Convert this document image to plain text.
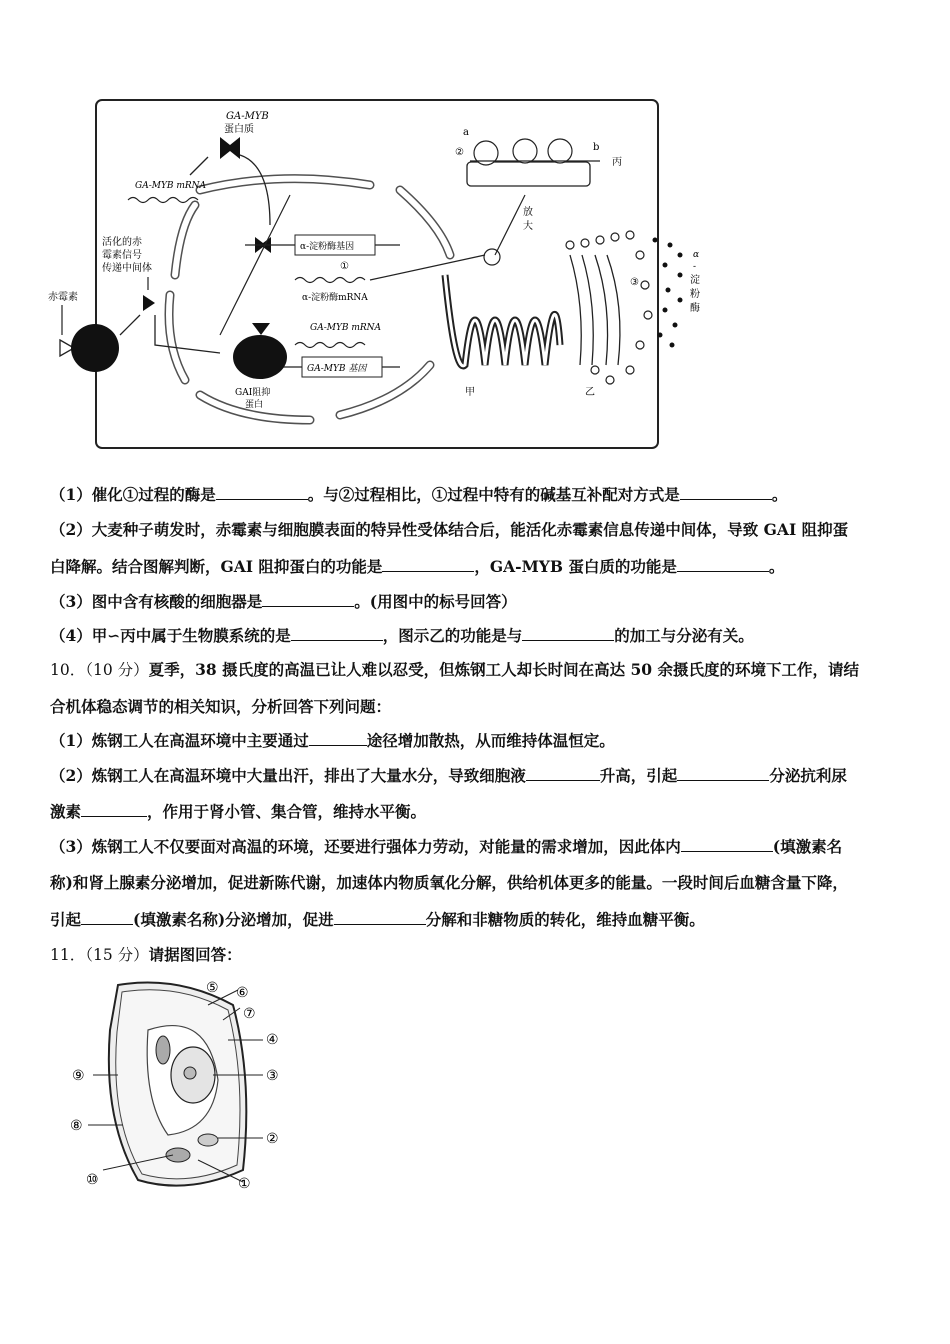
GA-MYB
蛋白质
GA-MYB mRNA
活化的赤
霉素信号
传递中间体
赤霉素
α-淀粉酶基因
①
α-淀粉酶mRNA
GA-MYB mRNA
GA-MYB 基因
GAI阻抑
蛋白
a
②	b
丙
放
大
甲	乙
③
α
-
淀
粉
酶
（1）催化①过程的酶是	。与②过程相比，①过程中特有的碱基互补配对方式是	。
（2）大麦种子萌发时，赤霉素与细胞膜表面的特异性受体结合后，能活化赤霉素信息传递中间体，导致 GAI 阻抑蛋
白降解。结合图解判断，GAI 阻抑蛋白的功能是	，GA-MYB 蛋白质的功能是	。
（3）图中含有核酸的细胞器是	。(用图中的标号回答）
（4）甲∽丙中属于生物膜系统的是	，图示乙的功能是与	的加工与分泌有关。
10．（10 分）夏季，38 摄氏度的高温已让人难以忍受，但炼钢工人却长时间在高达 50 余摄氏度的环境下工作，请结
合机体稳态调节的相关知识，分析回答下列问题：
（1）炼钢工人在高温环境中主要通过	途径增加散热，从而维持体温恒定。
（2）炼钢工人在高温环境中大量出汗，排出了大量水分，导致细胞液	升高，引起	分泌抗利尿
激素	，作用于肾小管、集合管，维持水平衡。
（3）炼钢工人不仅要面对高温的环境，还要进行强体力劳动，对能量的需求增加，因此体内	(填激素名
称)和肾上腺素分泌增加，促进新陈代谢，加速体内物质氧化分解，供给机体更多的能量。一段时间后血糖含量下降，
引起	(填激素名称)分泌增加，促进	分解和非糖物质的转化，维持血糖平衡。
11．（15 分）请据图回答：
④
③
②
①
⑤ ⑥
⑦
⑧
⑨
⑩
